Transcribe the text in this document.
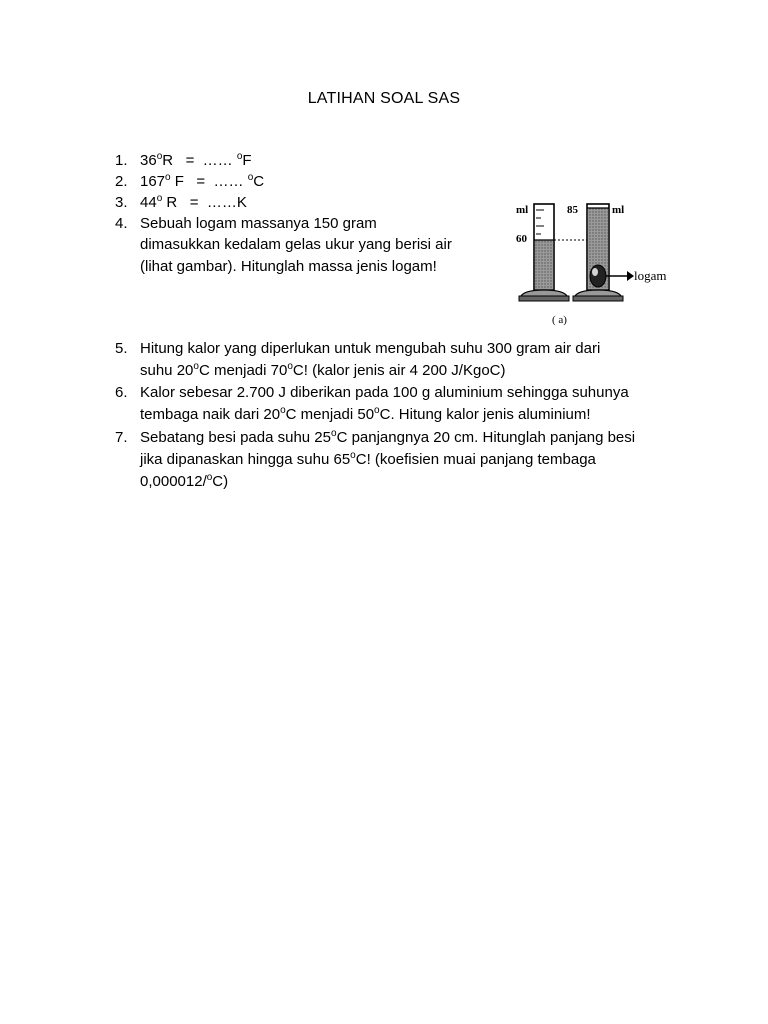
LATIHAN SOAL SAS
1. 36$^o$R   =  …… $^o$F
2. 167$^o$ F   =  …… $^o$C
3. 44$^o$ R   =  ……K
4. Sebuah logam massanya 150 gram
dimasukkan kedalam gelas ukur yang berisi air
(lihat gambar). Hitunglah massa jenis logam!
ml
60
85	ml
logam
( a)
5. Hitung kalor yang diperlukan untuk mengubah suhu 300 gram air dari
suhu 20$^o$C menjadi 70$^o$C! (kalor jenis air 4 200 J/KgoC)
6. Kalor sebesar 2.700 J diberikan pada 100 g aluminium sehingga suhunya
tembaga naik dari 20$^o$C menjadi 50$^o$C. Hitung kalor jenis aluminium!
7. Sebatang besi pada suhu 25$^o$C panjangnya 20 cm. Hitunglah panjang besi
jika dipanaskan hingga suhu 65$^o$C! (koefisien muai panjang tembaga
0,000012/$^o$C)
